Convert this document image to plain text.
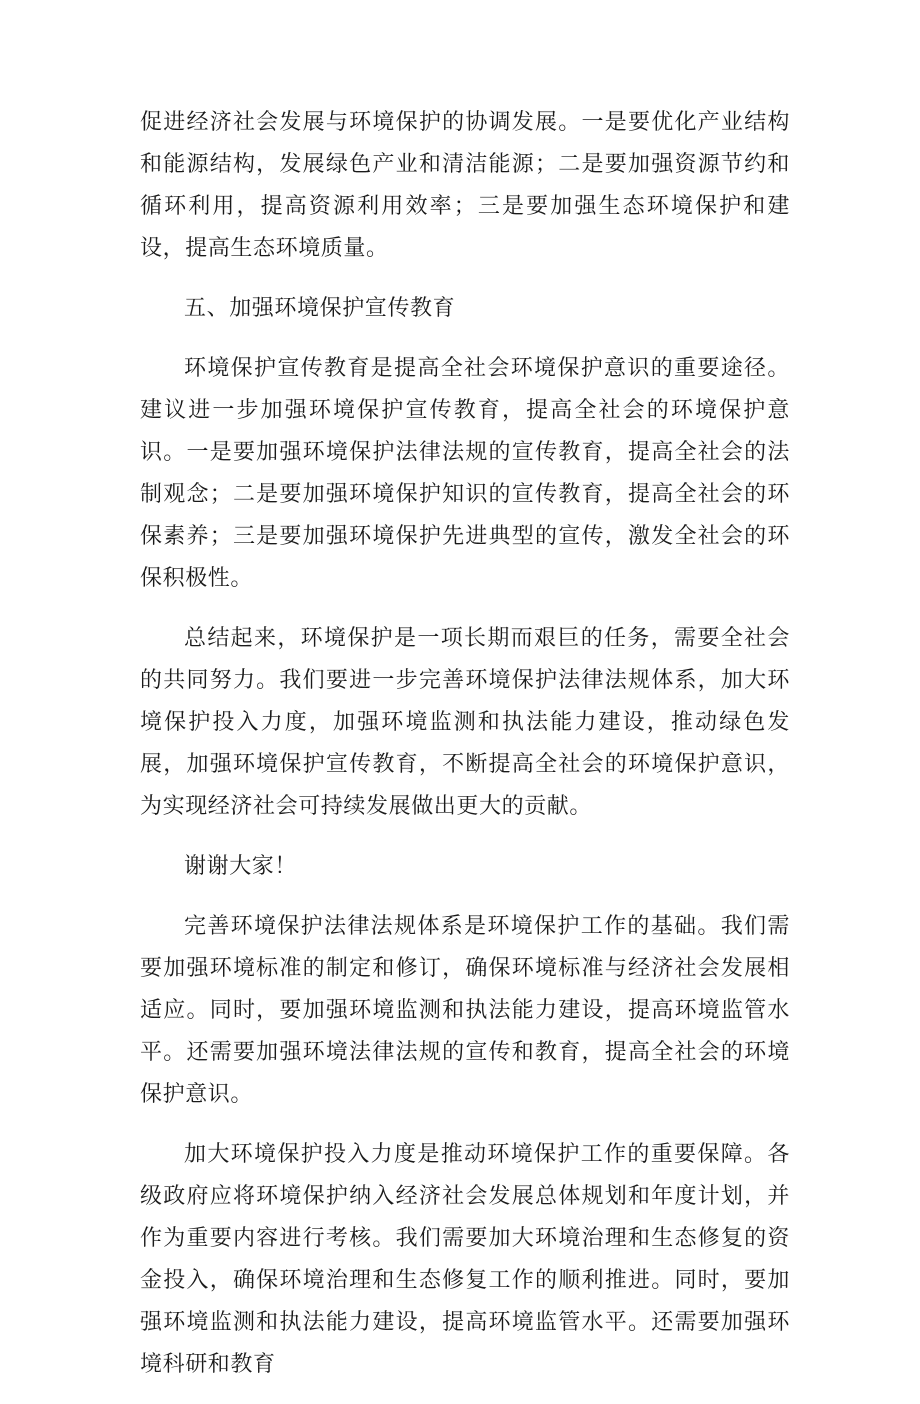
促进经济社会发展与环境保护的协调发展。一是要优化产业结构和能源结构，发展绿色产业和清洁能源；二是要加强资源节约和循环利用，提高资源利用效率；三是要加强生态环境保护和建设，提高生态环境质量。

五、加强环境保护宣传教育

环境保护宣传教育是提高全社会环境保护意识的重要途径。建议进一步加强环境保护宣传教育，提高全社会的环境保护意识。一是要加强环境保护法律法规的宣传教育，提高全社会的法制观念；二是要加强环境保护知识的宣传教育，提高全社会的环保素养；三是要加强环境保护先进典型的宣传，激发全社会的环保积极性。

总结起来，环境保护是一项长期而艰巨的任务，需要全社会的共同努力。我们要进一步完善环境保护法律法规体系，加大环境保护投入力度，加强环境监测和执法能力建设，推动绿色发展，加强环境保护宣传教育，不断提高全社会的环境保护意识，为实现经济社会可持续发展做出更大的贡献。

谢谢大家！

完善环境保护法律法规体系是环境保护工作的基础。我们需要加强环境标准的制定和修订，确保环境标准与经济社会发展相适应。同时，要加强环境监测和执法能力建设，提高环境监管水平。还需要加强环境法律法规的宣传和教育，提高全社会的环境保护意识。

加大环境保护投入力度是推动环境保护工作的重要保障。各级政府应将环境保护纳入经济社会发展总体规划和年度计划，并作为重要内容进行考核。我们需要加大环境治理和生态修复的资金投入，确保环境治理和生态修复工作的顺利推进。同时，要加强环境监测和执法能力建设，提高环境监管水平。还需要加强环境科研和教育
